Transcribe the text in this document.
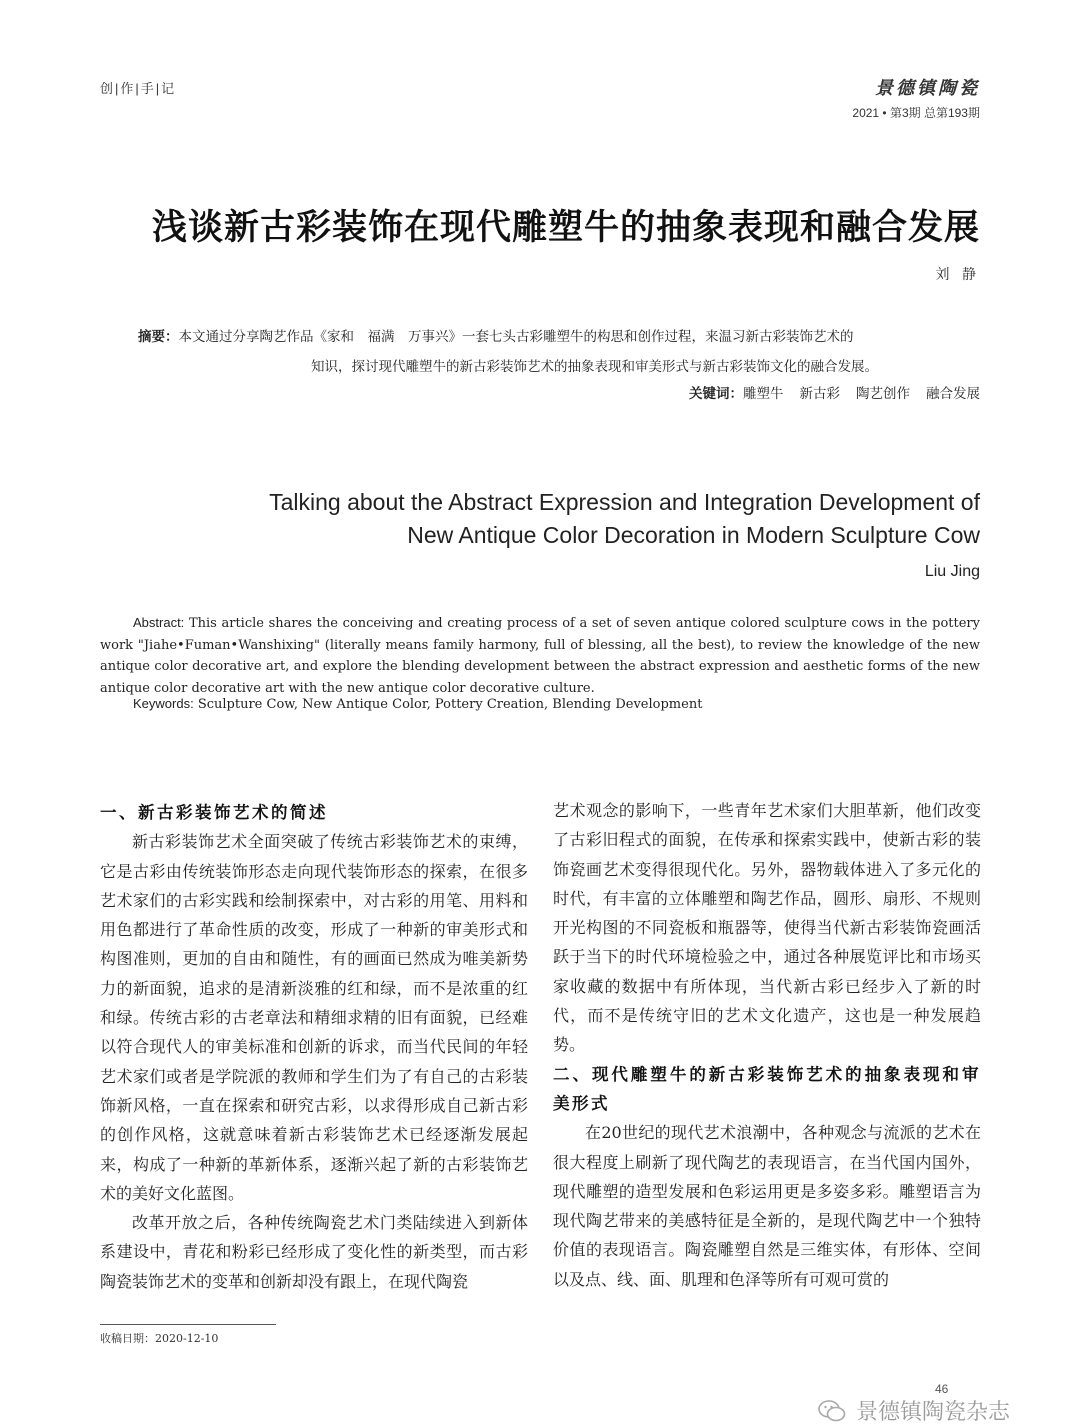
创|作|手|记	景德镇陶瓷
2021 • 第3期 总第193期
浅谈新古彩装饰在现代雕塑牛的抽象表现和融合发展
刘 静
摘要：本文通过分享陶艺作品《家和　福满　万事兴》一套七头古彩雕塑牛的构思和创作过程，来温习新古彩装饰艺术的
知识，探讨现代雕塑牛的新古彩装饰艺术的抽象表现和审美形式与新古彩装饰文化的融合发展。
关键词：雕塑牛 新古彩 陶艺创作 融合发展
Talking about the Abstract Expression and Integration Development of
New Antique Color Decoration in Modern Sculpture Cow
Liu Jing
Abstract: This article shares the conceiving and creating process of a set of seven antique colored sculpture cows in the pottery work "Jiahe•Fuman•Wanshixing" (literally means family harmony, full of blessing, all the best), to review the knowledge of the new antique color decorative art, and explore the blending development between the abstract expression and aesthetic forms of the new antique color decorative art with the new antique color decorative culture.
Keywords: Sculpture Cow, New Antique Color, Pottery Creation, Blending Development
一、新古彩装饰艺术的简述

新古彩装饰艺术全面突破了传统古彩装饰艺术的束缚，它是古彩由传统装饰形态走向现代装饰形态的探索，在很多艺术家们的古彩实践和绘制探索中，对古彩的用笔、用料和用色都进行了革命性质的改变，形成了一种新的审美形式和构图准则，更加的自由和随性，有的画面已然成为唯美新势力的新面貌，追求的是清新淡雅的红和绿，而不是浓重的红和绿。传统古彩的古老章法和精细求精的旧有面貌，已经难以符合现代人的审美标准和创新的诉求，而当代民间的年轻艺术家们或者是学院派的教师和学生们为了有自己的古彩装饰新风格，一直在探索和研究古彩，以求得形成自己新古彩的创作风格，这就意味着新古彩装饰艺术已经逐渐发展起来，构成了一种新的革新体系，逐渐兴起了新的古彩装饰艺术的美好文化蓝图。

改革开放之后，各种传统陶瓷艺术门类陆续进入到新体系建设中，青花和粉彩已经形成了变化性的新类型，而古彩陶瓷装饰艺术的变革和创新却没有跟上，在现代陶瓷

艺术观念的影响下，一些青年艺术家们大胆革新，他们改变了古彩旧程式的面貌，在传承和探索实践中，使新古彩的装饰瓷画艺术变得很现代化。另外，器物载体进入了多元化的时代，有丰富的立体雕塑和陶艺作品，圆形、扇形、不规则开光构图的不同瓷板和瓶器等，使得当代新古彩装饰瓷画活跃于当下的时代环境检验之中，通过各种展览评比和市场买家收藏的数据中有所体现，当代新古彩已经步入了新的时代，而不是传统守旧的艺术文化遗产，这也是一种发展趋势。

二、现代雕塑牛的新古彩装饰艺术的抽象表现和审美形式

在20世纪的现代艺术浪潮中，各种观念与流派的艺术在很大程度上刷新了现代陶艺的表现语言，在当代国内国外，现代雕塑的造型发展和色彩运用更是多姿多彩。雕塑语言为现代陶艺带来的美感特征是全新的，是现代陶艺中一个独特价值的表现语言。陶瓷雕塑自然是三维实体，有形体、空间以及点、线、面、肌理和色泽等所有可观可赏的

收稿日期：2020-12-10
46
景德镇陶瓷杂志
